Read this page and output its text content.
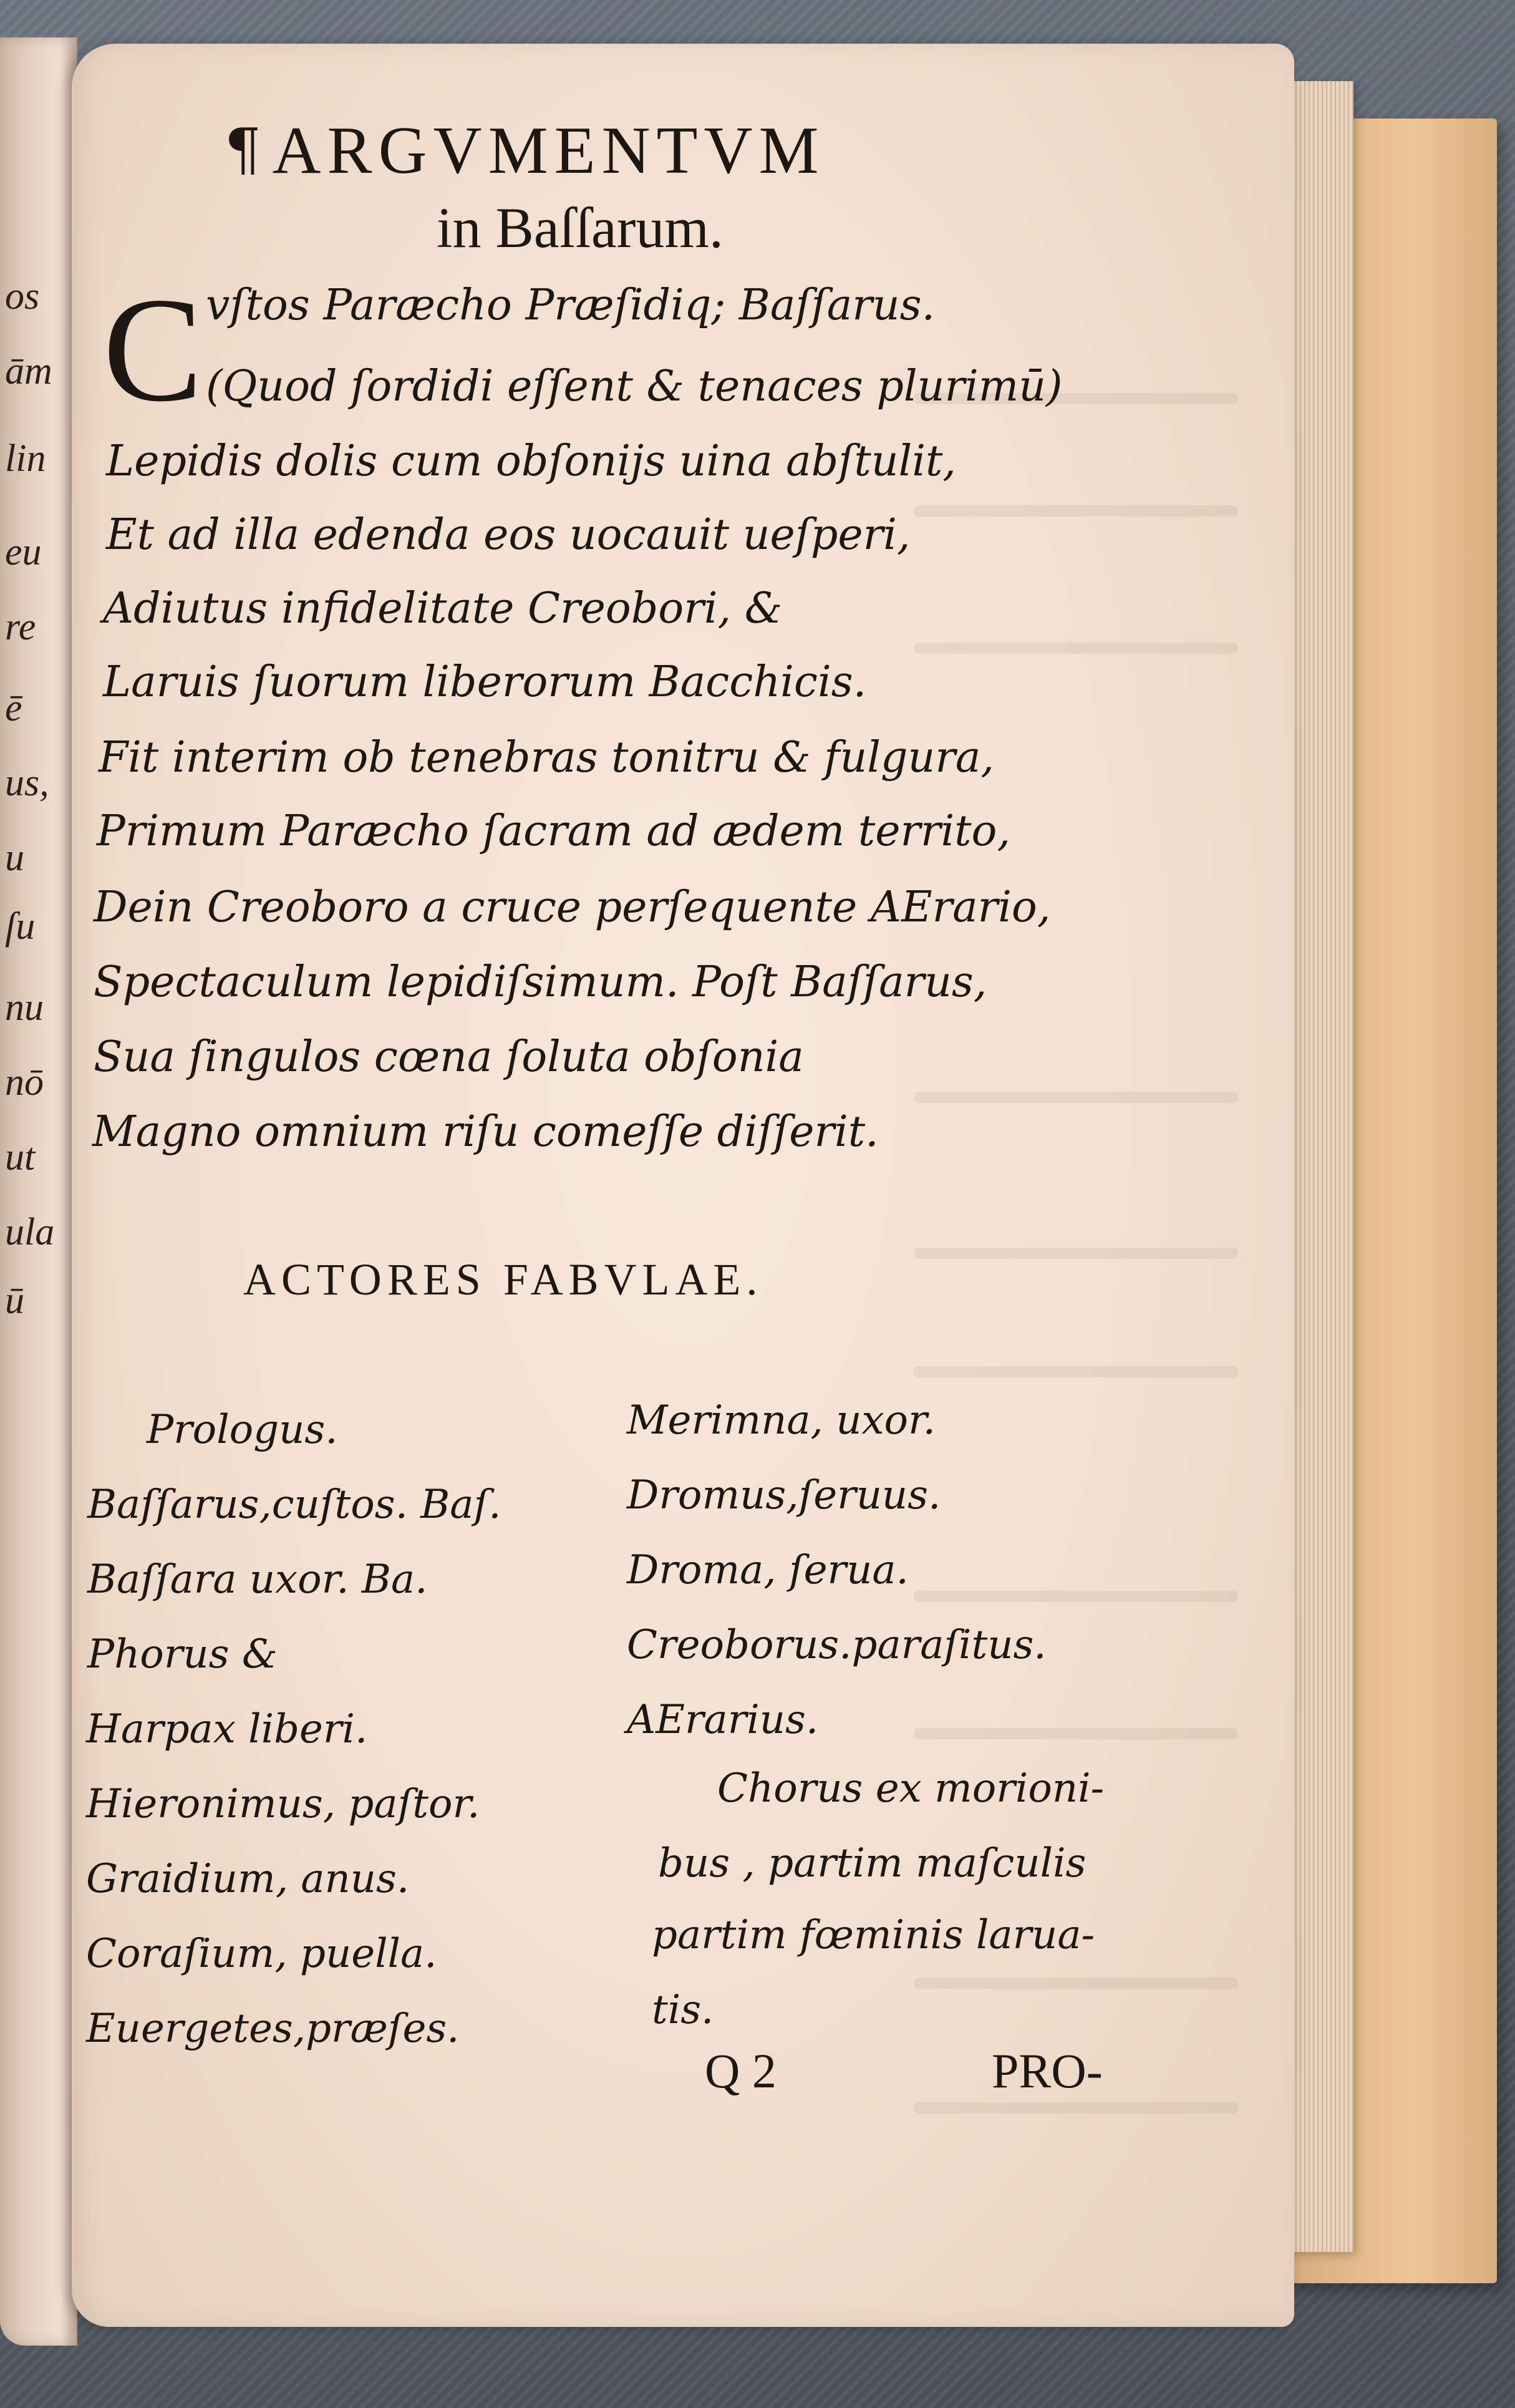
os
ām
lin
eu
re
ē
us,
u
ſu
nu
nō
ut
ula
ū
¶ARGVMENTVM
in Baſſarum.
C vſtos Paræcho Præſidiq; Baſſarus.
(Quod ſordidi eſſent & tenaces plurimū)
Lepidis dolis cum obſonijs uina abſtulit,
Et ad illa edenda eos uocauit ueſperi,
Adiutus infidelitate Creobori, &
Laruis ſuorum liberorum Bacchicis.
Fit interim ob tenebras tonitru & fulgura,
Primum Paræcho ſacram ad ædem territo,
Dein Creoboro a cruce perſequente AErario,
Spectaculum lepidiſsimum. Poſt Baſſarus,
Sua ſingulos cœna ſoluta obſonia
Magno omnium riſu comeſſe diſſerit.
ACTORES FABVLAE.
Prologus.
Baſſarus,cuſtos. Baſ.
Baſſara uxor. Ba.
Phorus &
Harpax liberi.
Hieronimus, paſtor.
Graidium, anus.
Coraſium, puella.
Euergetes,præſes.
Merimna, uxor.
Dromus,ſeruus.
Droma, ſerua.
Creoborus.paraſitus.
AErarius.
Chorus ex morioni-
bus , partim maſculis
partim fœminis larua-
tis.
Q 2	PRO-
